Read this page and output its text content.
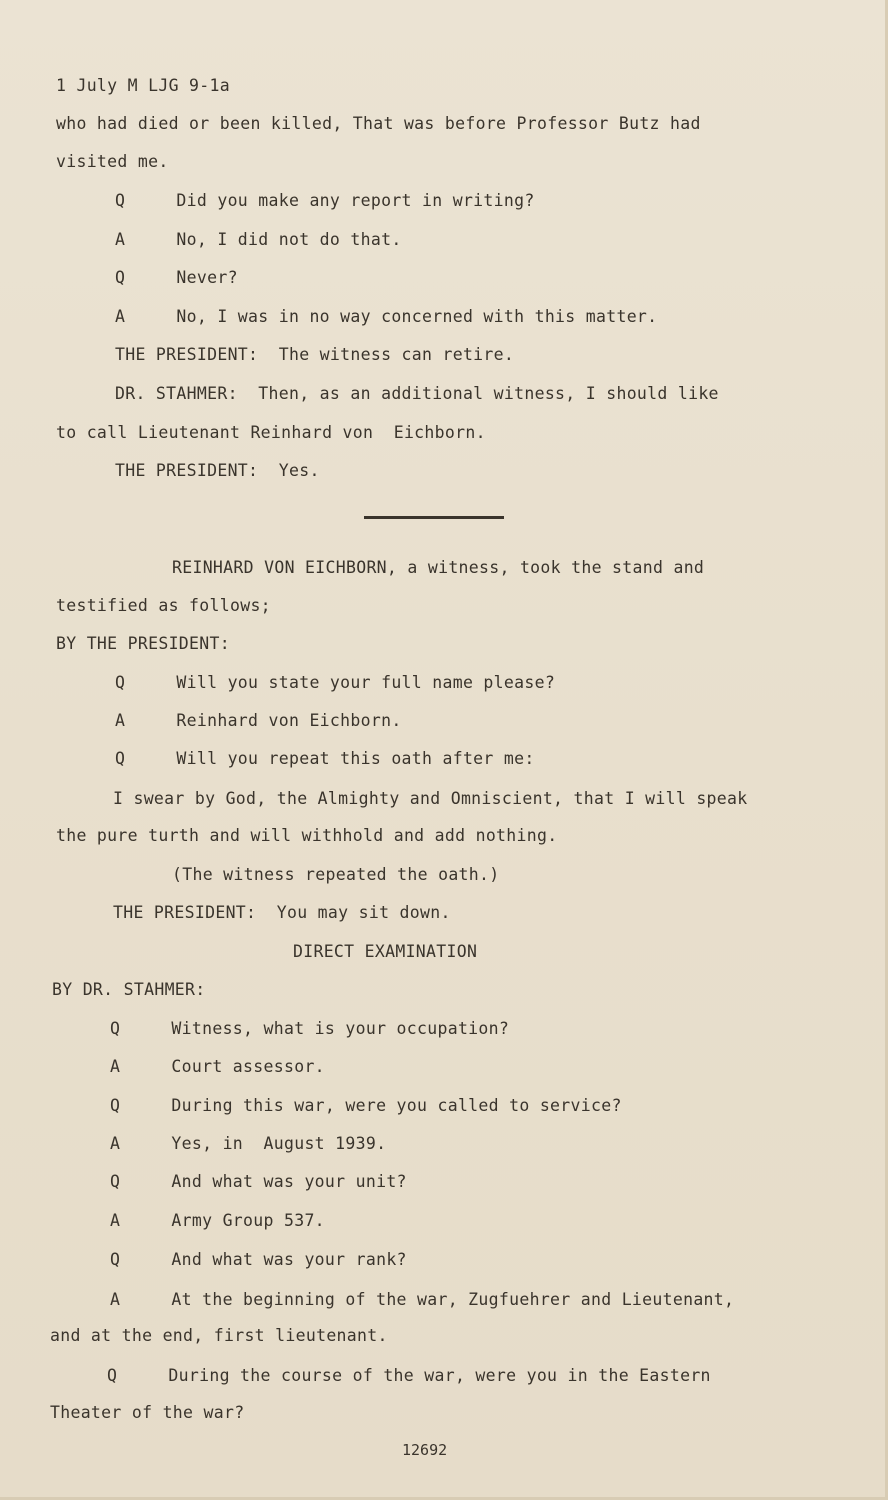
1 July M LJG 9-1a
who had died or been killed, That was before Professor Butz had
visited me.
Q     Did you make any report in writing?
A     No, I did not do that.
Q     Never?
A     No, I was in no way concerned with this matter.
THE PRESIDENT:  The witness can retire.
DR. STAHMER:  Then, as an additional witness, I should like
to call Lieutenant Reinhard von  Eichborn.
THE PRESIDENT:  Yes.
REINHARD VON EICHBORN, a witness, took the stand and
testified as follows;
BY THE PRESIDENT:
Q     Will you state your full name please?
A     Reinhard von Eichborn.
Q     Will you repeat this oath after me:
I swear by God, the Almighty and Omniscient, that I will speak
the pure turth and will withhold and add nothing.
(The witness repeated the oath.)
THE PRESIDENT:  You may sit down.
DIRECT EXAMINATION
BY DR. STAHMER:
Q     Witness, what is your occupation?
A     Court assessor.
Q     During this war, were you called to service?
A     Yes, in  August 1939.
Q     And what was your unit?
A     Army Group 537.
Q     And what was your rank?
A     At the beginning of the war, Zugfuehrer and Lieutenant,
and at the end, first lieutenant.
Q     During the course of the war, were you in the Eastern
Theater of the war?
12692
